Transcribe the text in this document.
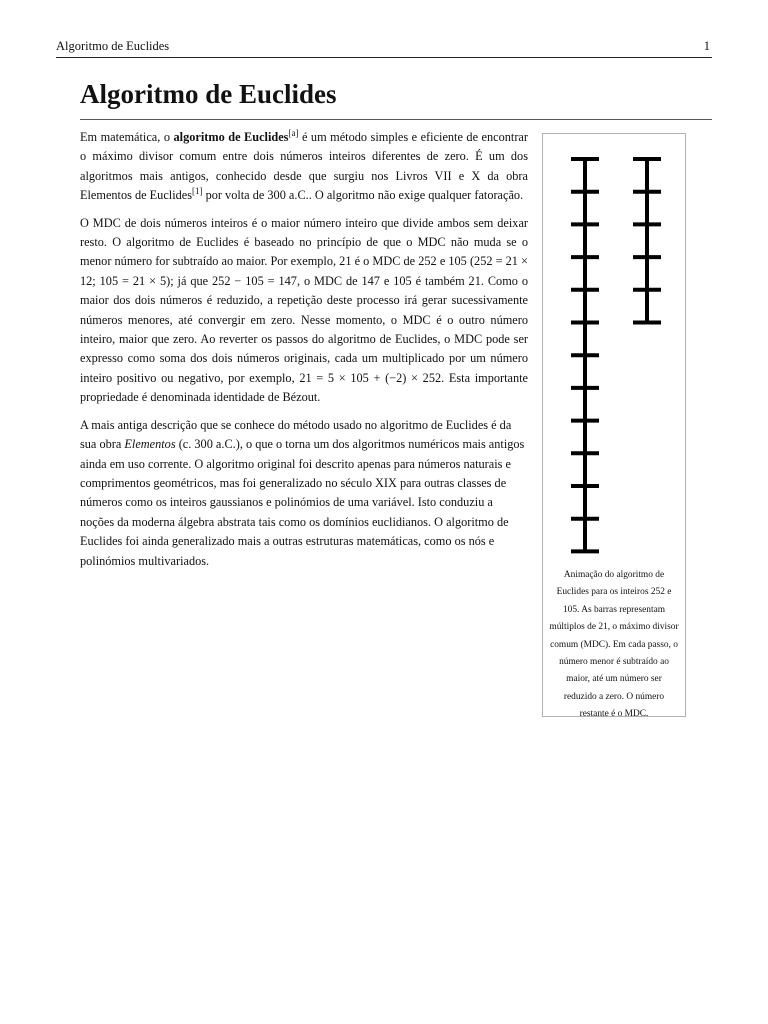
Algoritmo de Euclides	1
Algoritmo de Euclides

Em matemática, o algoritmo de Euclides[a] é um método simples e eficiente de encontrar o máximo divisor comum entre dois números inteiros diferentes de zero. É um dos algoritmos mais antigos, conhecido desde que surgiu nos Livros VII e X da obra Elementos de Euclides[1] por volta de 300 a.C.. O algoritmo não exige qualquer fatoração.

O MDC de dois números inteiros é o maior número inteiro que divide ambos sem deixar resto. O algoritmo de Euclides é baseado no princípio de que o MDC não muda se o menor número for subtraído ao maior. Por exemplo, 21 é o MDC de 252 e 105 (252 = 21 × 12; 105 = 21 × 5); já que 252 − 105 = 147, o MDC de 147 e 105 é também 21. Como o maior dos dois números é reduzido, a repetição deste processo irá gerar sucessivamente números menores, até convergir em zero. Nesse momento, o MDC é o outro número inteiro, maior que zero. Ao reverter os passos do algoritmo de Euclides, o MDC pode ser expresso como soma dos dois números originais, cada um multiplicado por um número inteiro positivo ou negativo, por exemplo, 21 = 5 × 105 + (−2) × 252. Esta importante propriedade é denominada identidade de Bézout.

A mais antiga descrição que se conhece do método usado no algoritmo de Euclides é da sua obra Elementos (c. 300 a.C.), o que o torna um dos algoritmos numéricos mais antigos ainda em uso corrente. O algoritmo original foi descrito apenas para números naturais e comprimentos geométricos, mas foi generalizado no século XIX para outras classes de números como os inteiros gaussianos e polinómios de uma variável. Isto conduziu a noções da moderna álgebra abstrata tais como os domínios euclidianos. O algoritmo de Euclides foi ainda generalizado mais a outras estruturas matemáticas, como os nós e polinómios multivariados.

Animação do algoritmo de Euclides para os inteiros 252 e 105. As barras representam múltiplos de 21, o máximo divisor comum (MDC). Em cada passo, o número menor é subtraído ao maior, até um número ser reduzido a zero. O número restante é o MDC.
